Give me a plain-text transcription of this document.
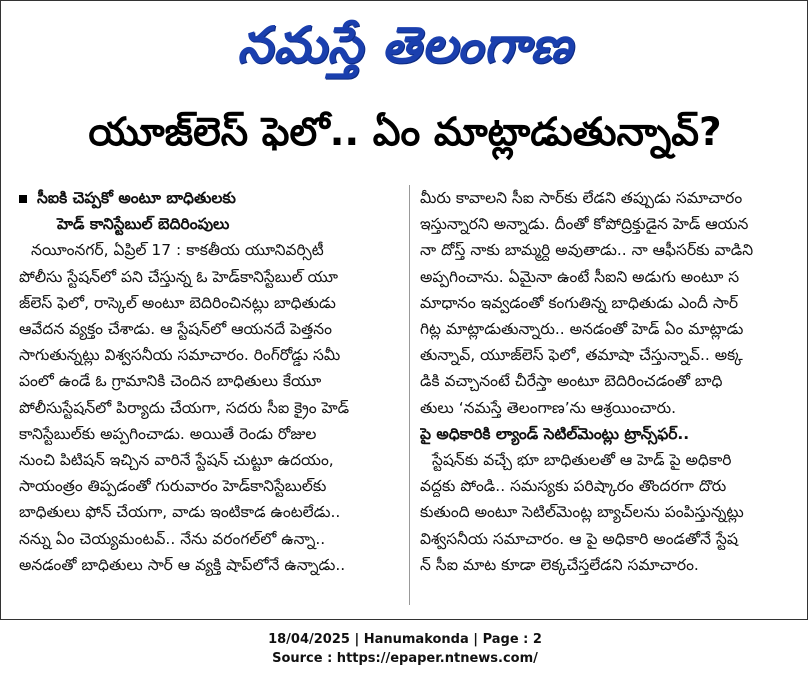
నమస్తే తెలంగాణ
యూజ్‌లెస్ ఫెలో.. ఏం మాట్లాడుతున్నావ్?
సీఐకి చెప్పకో అంటూ బాధితులకు
హెడ్ కానిస్టేబుల్ బెదిరింపులు
నయీంనగర్, ఏప్రిల్ 17 : కాకతీయ యూనివర్సిటీ
పోలీసు స్టేషన్‌లో పని చేస్తున్న ఓ హెడ్‌కానిస్టేబుల్ యూ
జ్‌లెస్ ఫెలో, రాస్కెల్ అంటూ బెదిరించినట్లు బాధితుడు
ఆవేదన వ్యక్తం చేశాడు. ఆ స్టేషన్‌లో ఆయనదే పెత్తనం
సాగుతున్నట్లు విశ్వసనీయ సమాచారం. రింగ్‌రోడ్డు సమీ
పంలో ఉండే ఓ గ్రామానికి చెందిన బాధితులు కేయూ
పోలీసుస్టేషన్‌లో పిర్యాదు చేయగా, సదరు సీఐ క్రైం హెడ్
కానిస్టేబుల్‌కు అప్పగించాడు. అయితే రెండు రోజుల
నుంచి పిటిషన్ ఇచ్చిన వారినే స్టేషన్ చుట్టూ ఉదయం,
సాయంత్రం తిప్పడంతో గురువారం హెడ్‌కానిస్టేబుల్‌కు
బాధితులు ఫోన్ చేయగా, వాడు ఇంటికాడ ఉంటలేడు..
నన్ను ఏం చెయ్యమంటవ్.. నేను వరంగల్‌లో ఉన్నా..
అనడంతో బాధితులు సార్ ఆ వ్యక్తి షాప్‌లోనే ఉన్నాడు..
మీరు కావాలని సీఐ సార్‌కు లేడని తప్పుడు సమాచారం
ఇస్తున్నారని అన్నాడు. దీంతో కోపోద్రిక్తుడైన హెడ్ ఆయన
నా దోస్త్ నాకు బామ్మర్ది అవుతాడు.. నా ఆఫీసర్‌కు వాడిని
అప్పగించాను. ఏమైనా ఉంటే సీఐని అడుగు అంటూ స
మాధానం ఇవ్వడంతో కంగుతిన్న బాధితుడు ఎందీ సార్
గిట్ల మాట్లాడుతున్నారు.. అనడంతో హెడ్ ఏం మాట్లాడు
తున్నావ్, యూజ్‌లెస్ ఫెలో, తమాషా చేస్తున్నావ్.. అక్క
డికి వచ్చానంటే చీరేస్తా అంటూ బెదిరించడంతో బాధి
తులు ‘నమస్తే తెలంగాణ’ను ఆశ్రయించారు.
పై అధికారికి ల్యాండ్ సెటిల్‌మెంట్లు ట్రాన్స్‌ఫర్..
స్టేషన్‌కు వచ్చే భూ బాధితులతో ఆ హెడ్ పై అధికారి
వద్దకు పోండి.. సమస్యకు పరిష్కారం తొందరగా దొరు
కుతుంది అంటూ సెటిల్‌మెంట్ల బ్యాచ్‌లను పంపిస్తున్నట్లు
విశ్వసనీయ సమాచారం. ఆ పై అధికారి అండతోనే స్టేష
న్ సీఐ మాట కూడా లెక్కచేస్తలేడని సమాచారం.
18/04/2025 | Hanumakonda | Page : 2
Source : https://epaper.ntnews.com/
